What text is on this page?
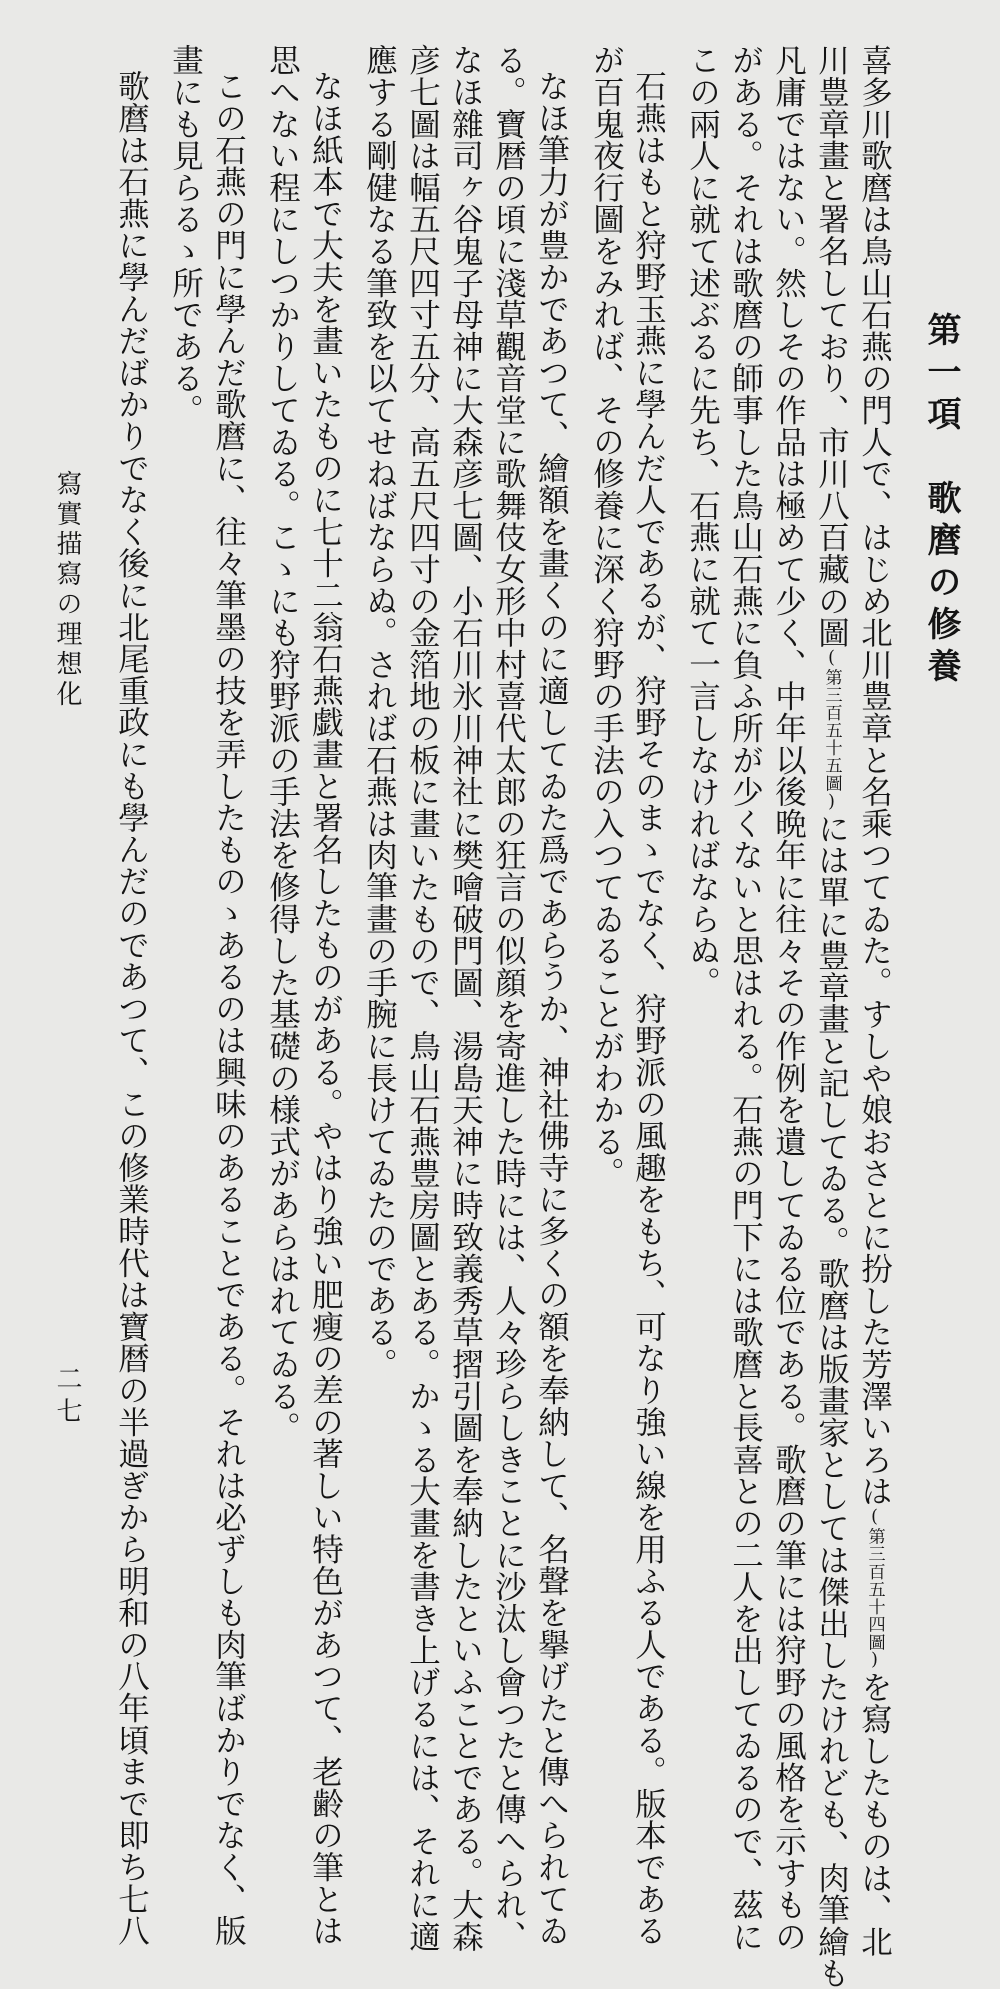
第一項　歌麿の修養
喜多川歌麿は鳥山石燕の門人で、はじめ北川豊章と名乘つてゐた。すしや娘おさとに扮した芳澤いろは( 第三百五十四圖 )を寫したものは、北
川豊章畫と署名しており、市川八百藏の圖( 第三百五十五圖 )には單に豊章畫と記してゐる。歌麿は版畫家としては傑出したけれども、肉筆繪も
凡庸ではない。然しその作品は極めて少く、中年以後晩年に往々その作例を遺してゐる位である。歌麿の筆には狩野の風格を示すもの
がある。それは歌麿の師事した鳥山石燕に負ふ所が少くないと思はれる。石燕の門下には歌麿と長喜との二人を出してゐるので、茲に
この兩人に就て述ぶるに先ち、石燕に就て一言しなければならぬ。
石燕はもと狩野玉燕に學んだ人であるが、狩野そのまゝでなく、狩野派の風趣をもち、可なり強い線を用ふる人である。版本である
が百鬼夜行圖をみれば、その修養に深く狩野の手法の入つてゐることがわかる。
なほ筆力が豊かであつて、繪額を畫くのに適してゐた爲であらうか、神社佛寺に多くの額を奉納して、名聲を擧げたと傳へられてゐ
る。寶暦の頃に淺草觀音堂に歌舞伎女形中村喜代太郎の狂言の似顔を寄進した時には、人々珍らしきことに沙汰し會つたと傳へられ、
なほ雜司ヶ谷鬼子母神に大森彦七圖、小石川氷川神社に樊噲破門圖、湯島天神に時致義秀草摺引圖を奉納したといふことである。大森
彦七圖は幅五尺四寸五分、高五尺四寸の金箔地の板に畫いたもので、鳥山石燕豊房圖とある。かゝる大畫を書き上げるには、それに適
應する剛健なる筆致を以てせねばならぬ。されば石燕は肉筆畫の手腕に長けてゐたのである。
なほ紙本で大夫を畫いたものに七十二翁石燕戯畫と署名したものがある。やはり強い肥瘦の差の著しい特色があつて、老齢の筆とは
思へない程にしつかりしてゐる。こゝにも狩野派の手法を修得した基礎の様式があらはれてゐる。
この石燕の門に學んだ歌麿に、往々筆墨の技を弄したものゝあるのは興味のあることである。それは必ずしも肉筆ばかりでなく、版
畫にも見らるゝ所である。
歌麿は石燕に學んだばかりでなく後に北尾重政にも學んだのであつて、この修業時代は寶暦の半過ぎから明和の八年頃まで即ち七八
寫實描寫の理想化
二七
